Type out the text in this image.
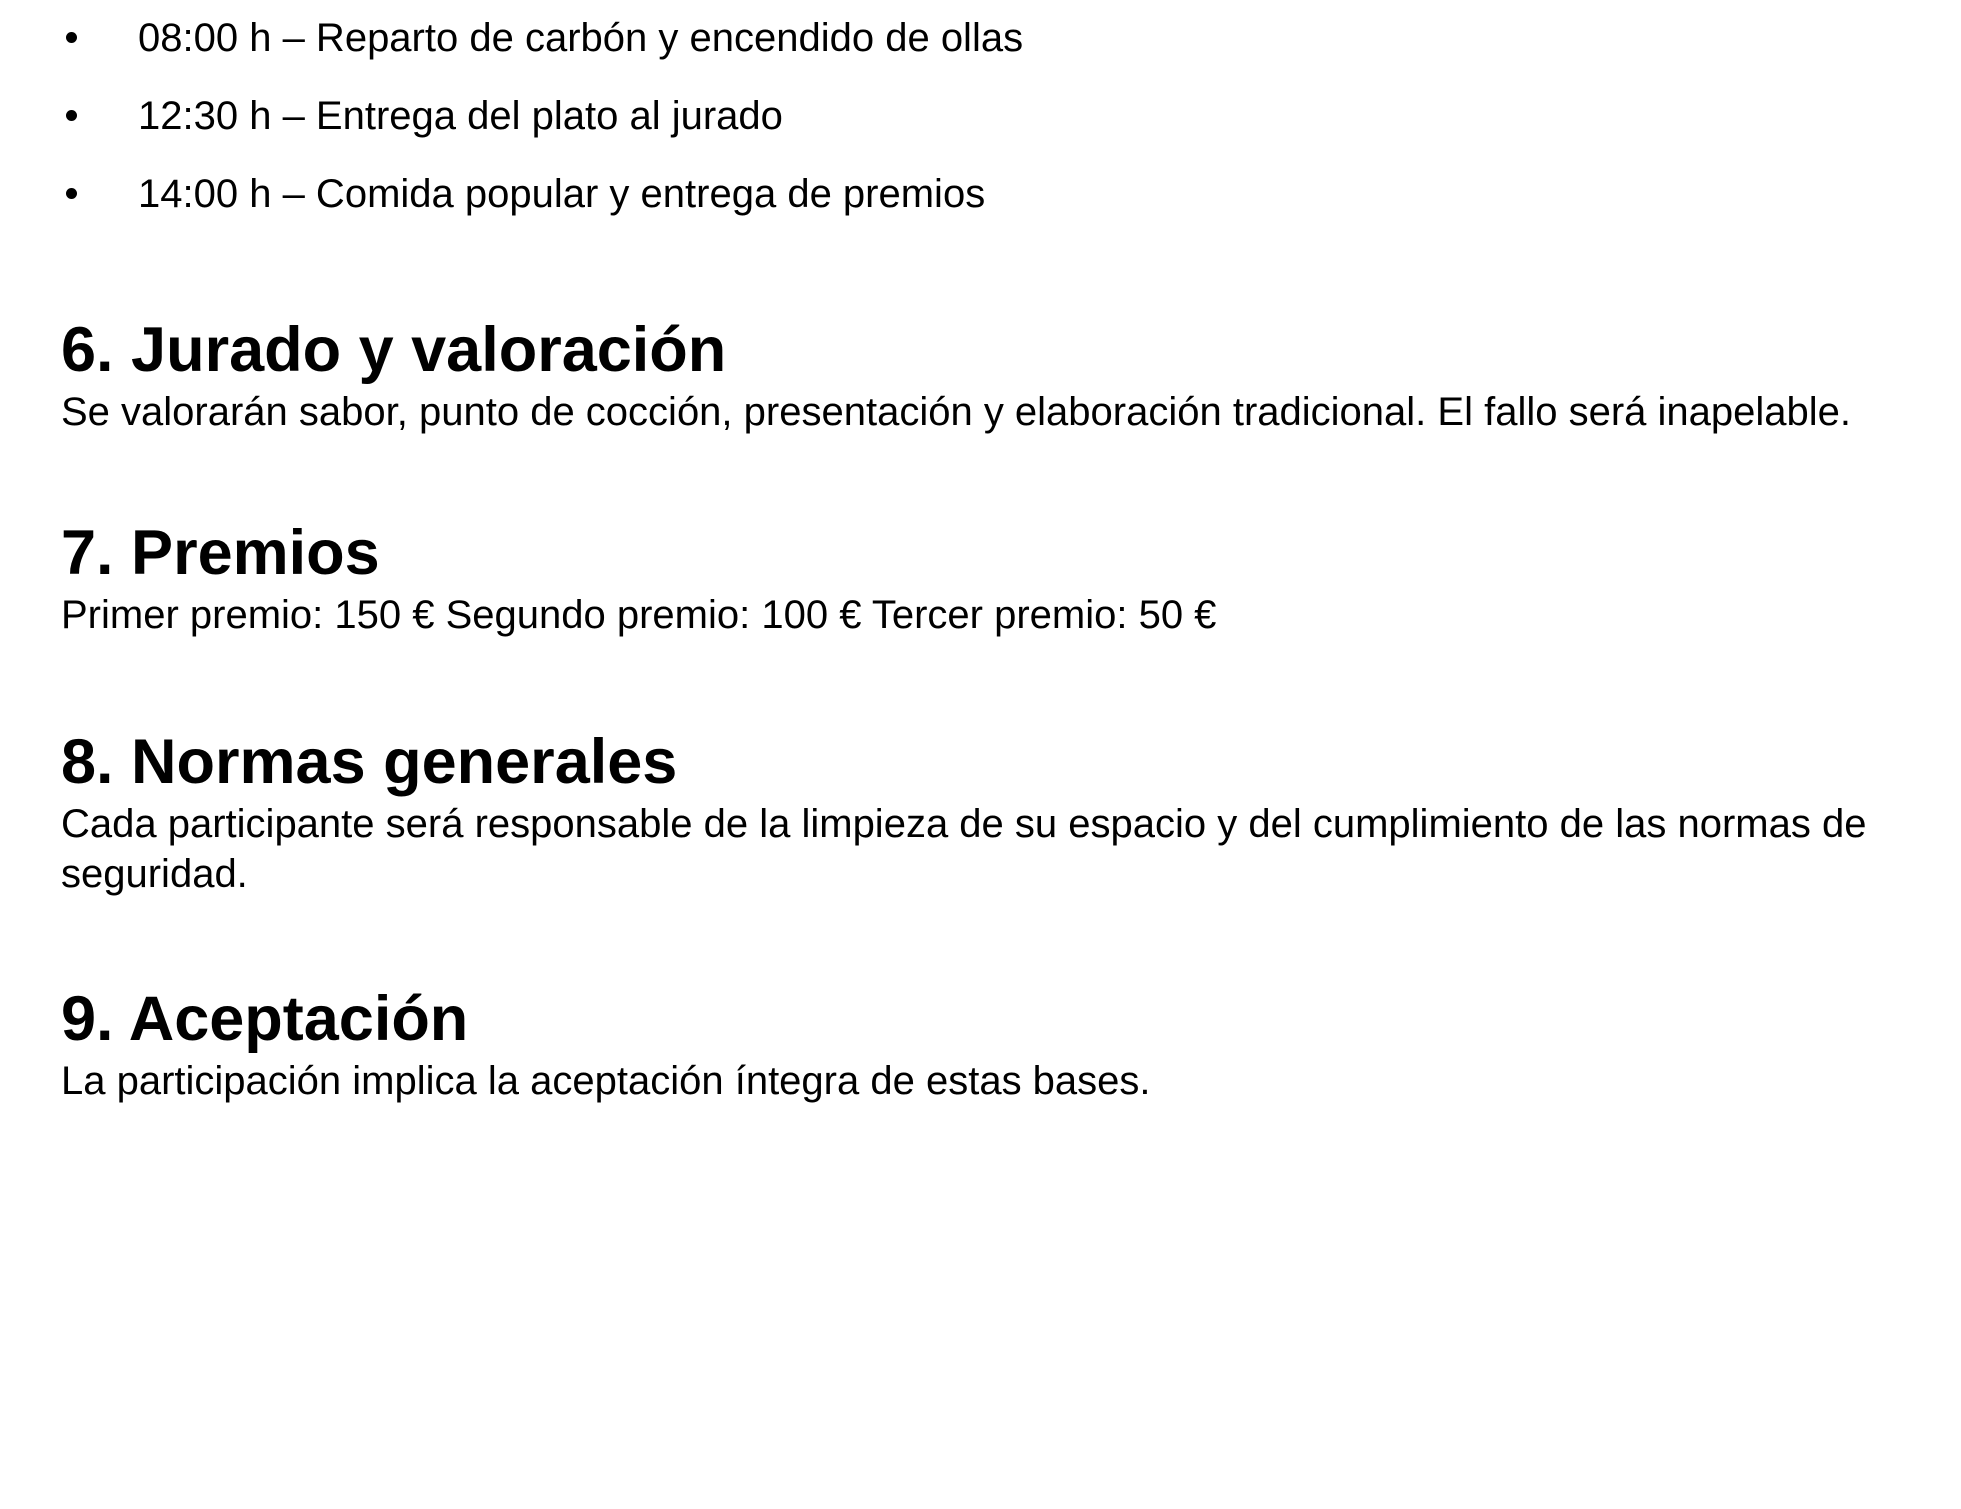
08:00 h – Reparto de carbón y encendido de ollas
12:30 h – Entrega del plato al jurado
14:00 h – Comida popular y entrega de premios
6. Jurado y valoración

Se valorarán sabor, punto de cocción, presentación y elaboración tradicional. El fallo será inapelable.

7. Premios

Primer premio: 150 € Segundo premio: 100 € Tercer premio: 50 €

8. Normas generales

Cada participante será responsable de la limpieza de su espacio y del cumplimiento de las normas de seguridad.

9. Aceptación

La participación implica la aceptación íntegra de estas bases.
